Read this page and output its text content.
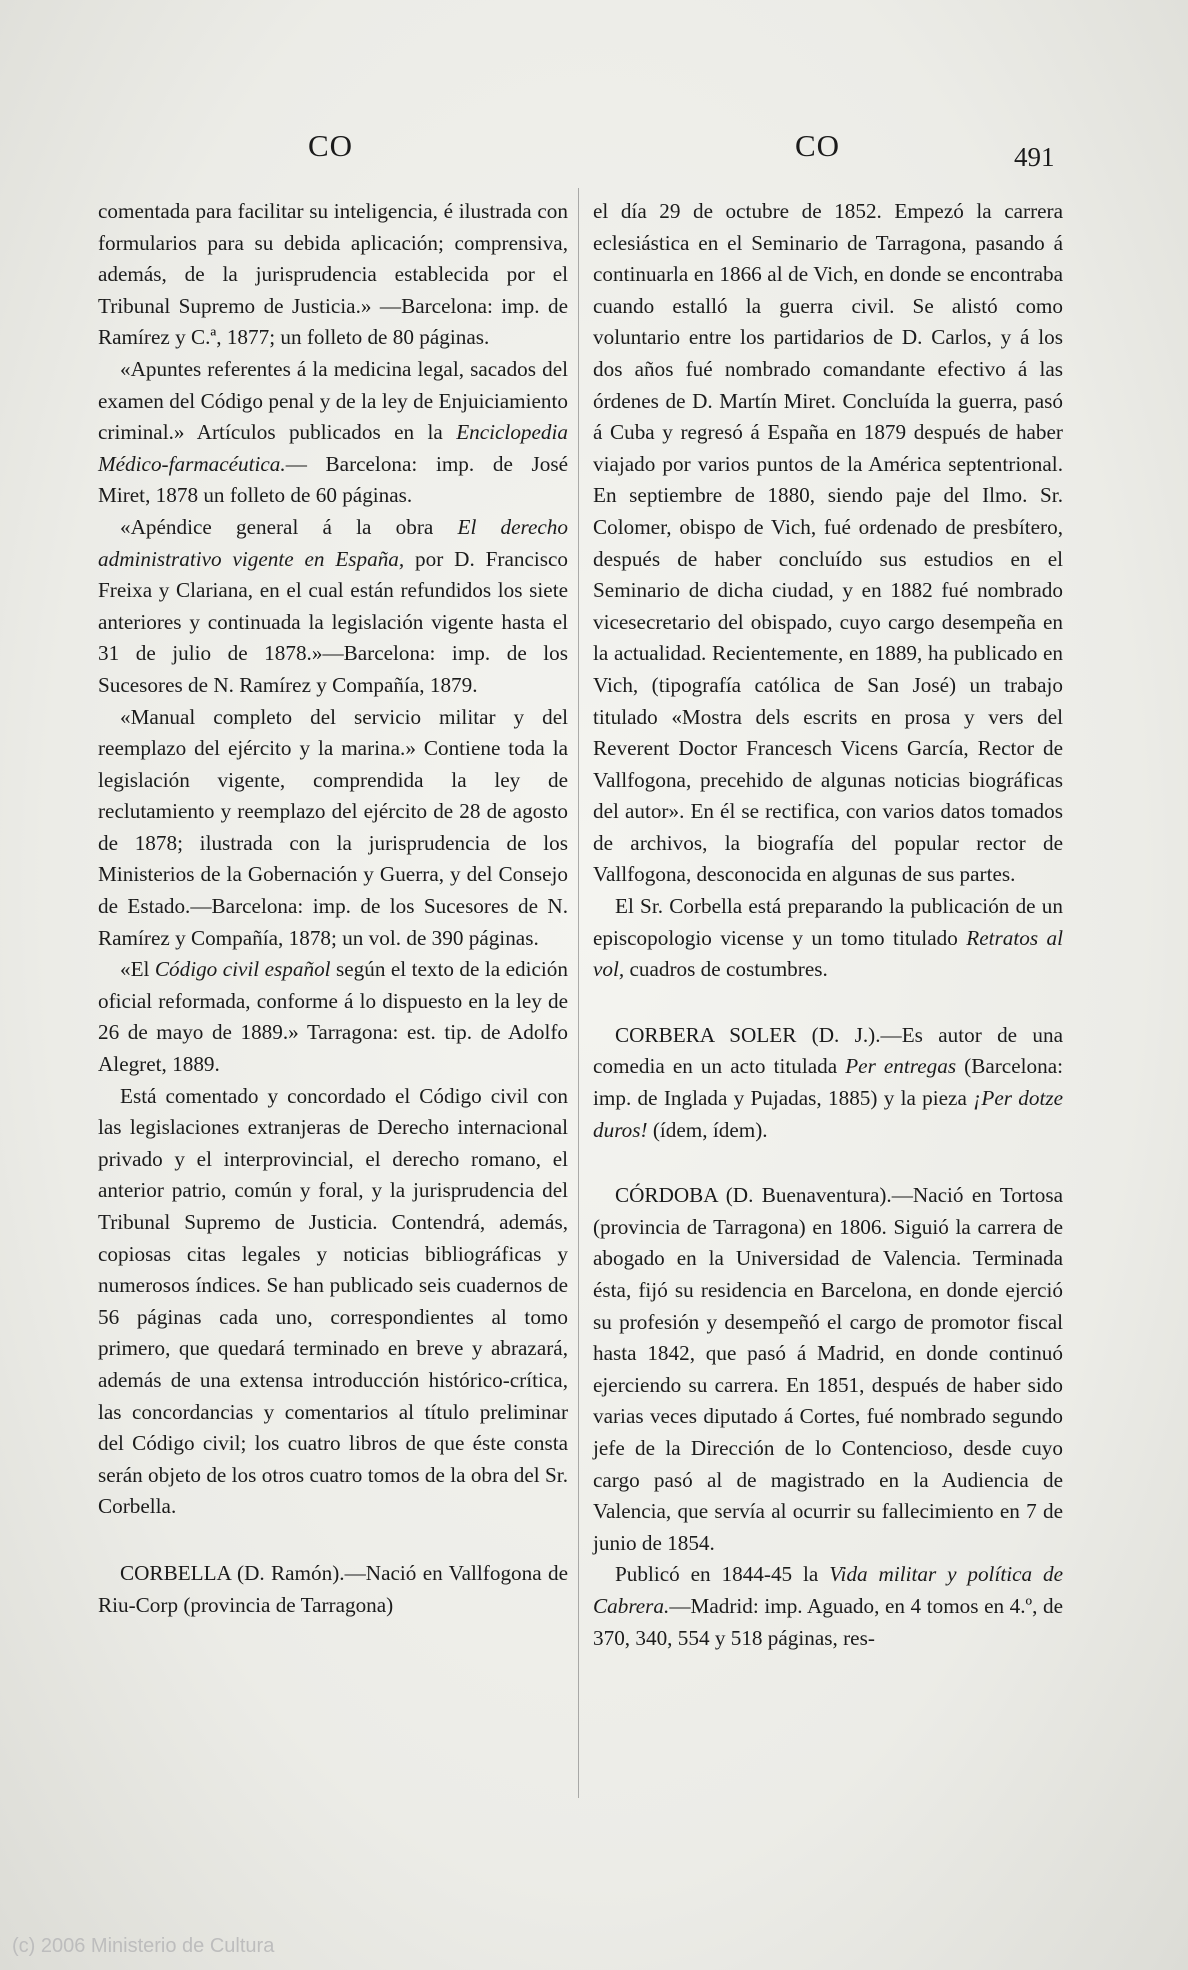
CO	CO	491

comentada para facilitar su inteligencia, é ilustrada con formularios para su debida aplicación; comprensiva, además, de la jurisprudencia establecida por el Tribunal Supremo de Justicia.» —Barcelona: imp. de Ramírez y C.ª, 1877; un folleto de 80 páginas.

«Apuntes referentes á la medicina legal, sacados del examen del Código penal y de la ley de Enjuiciamiento criminal.» Artículos publicados en la Enciclopedia Médico-farmacéutica.— Barcelona: imp. de José Miret, 1878 un folleto de 60 páginas.

«Apéndice general á la obra El derecho administrativo vigente en España, por D. Francisco Freixa y Clariana, en el cual están refundidos los siete anteriores y continuada la legislación vigente hasta el 31 de julio de 1878.»—Barcelona: imp. de los Sucesores de N. Ramírez y Compañía, 1879.

«Manual completo del servicio militar y del reemplazo del ejército y la marina.» Contiene toda la legislación vigente, comprendida la ley de reclutamiento y reemplazo del ejército de 28 de agosto de 1878; ilustrada con la jurisprudencia de los Ministerios de la Gobernación y Guerra, y del Consejo de Estado.—Barcelona: imp. de los Sucesores de N. Ramírez y Compañía, 1878; un vol. de 390 páginas.

«El Código civil español según el texto de la edición oficial reformada, conforme á lo dispuesto en la ley de 26 de mayo de 1889.» Tarragona: est. tip. de Adolfo Alegret, 1889.

Está comentado y concordado el Código civil con las legislaciones extranjeras de Derecho internacional privado y el interprovincial, el derecho romano, el anterior patrio, común y foral, y la jurisprudencia del Tribunal Supremo de Justicia. Contendrá, además, copiosas citas legales y noticias bibliográficas y numerosos índices. Se han publicado seis cuadernos de 56 páginas cada uno, correspondientes al tomo primero, que quedará terminado en breve y abrazará, además de una extensa introducción histórico-crítica, las concordancias y comentarios al título preliminar del Código civil; los cuatro libros de que éste consta serán objeto de los otros cuatro tomos de la obra del Sr. Corbella.

CORBELLA (D. Ramón).—Nació en Vallfogona de Riu-Corp (provincia de Tarragona)

el día 29 de octubre de 1852. Empezó la carrera eclesiástica en el Seminario de Tarragona, pasando á continuarla en 1866 al de Vich, en donde se encontraba cuando estalló la guerra civil. Se alistó como voluntario entre los partidarios de D. Carlos, y á los dos años fué nombrado comandante efectivo á las órdenes de D. Martín Miret. Concluída la guerra, pasó á Cuba y regresó á España en 1879 después de haber viajado por varios puntos de la América septentrional. En septiembre de 1880, siendo paje del Ilmo. Sr. Colomer, obispo de Vich, fué ordenado de presbítero, después de haber concluído sus estudios en el Seminario de dicha ciudad, y en 1882 fué nombrado vicesecretario del obispado, cuyo cargo desempeña en la actualidad. Recientemente, en 1889, ha publicado en Vich, (tipografía católica de San José) un trabajo titulado «Mostra dels escrits en prosa y vers del Reverent Doctor Francesch Vicens García, Rector de Vallfogona, precehido de algunas noticias biográficas del autor». En él se rectifica, con varios datos tomados de archivos, la biografía del popular rector de Vallfogona, desconocida en algunas de sus partes.

El Sr. Corbella está preparando la publicación de un episcopologio vicense y un tomo titulado Retratos al vol, cuadros de costumbres.

CORBERA SOLER (D. J.).—Es autor de una comedia en un acto titulada Per entregas (Barcelona: imp. de Inglada y Pujadas, 1885) y la pieza ¡Per dotze duros! (ídem, ídem).

CÓRDOBA (D. Buenaventura).—Nació en Tortosa (provincia de Tarragona) en 1806. Siguió la carrera de abogado en la Universidad de Valencia. Terminada ésta, fijó su residencia en Barcelona, en donde ejerció su profesión y desempeñó el cargo de promotor fiscal hasta 1842, que pasó á Madrid, en donde continuó ejerciendo su carrera. En 1851, después de haber sido varias veces diputado á Cortes, fué nombrado segundo jefe de la Dirección de lo Contencioso, desde cuyo cargo pasó al de magistrado en la Audiencia de Valencia, que servía al ocurrir su fallecimiento en 7 de junio de 1854.

Publicó en 1844-45 la Vida militar y política de Cabrera.—Madrid: imp. Aguado, en 4 tomos en 4.º, de 370, 340, 554 y 518 páginas, res-

(c) 2006 Ministerio de Cultura
